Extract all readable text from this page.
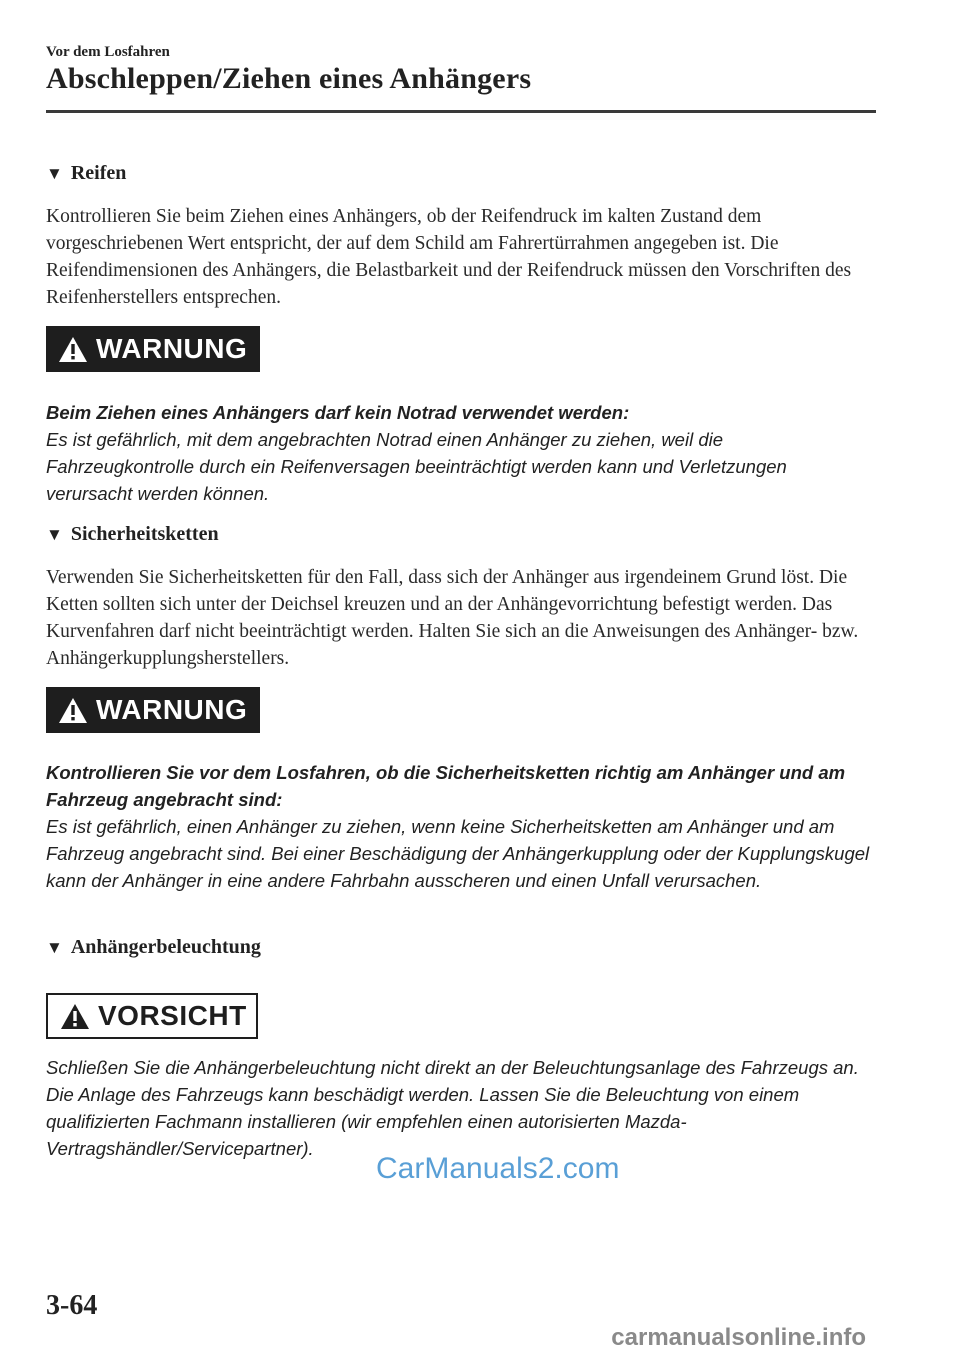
Vor dem Losfahren
Abschleppen/Ziehen eines Anhängers
▼ Reifen

Kontrollieren Sie beim Ziehen eines Anhängers, ob der Reifendruck im kalten Zustand dem vorgeschriebenen Wert entspricht, der auf dem Schild am Fahrertürrahmen angegeben ist. Die Reifendimensionen des Anhängers, die Belastbarkeit und der Reifendruck müssen den Vorschriften des Reifenherstellers entsprechen.

WARNUNG
Beim Ziehen eines Anhängers darf kein Notrad verwendet werden:
Es ist gefährlich, mit dem angebrachten Notrad einen Anhänger zu ziehen, weil die Fahrzeugkontrolle durch ein Reifenversagen beeinträchtigt werden kann und Verletzungen verursacht werden können.
▼ Sicherheitsketten

Verwenden Sie Sicherheitsketten für den Fall, dass sich der Anhänger aus irgendeinem Grund löst. Die Ketten sollten sich unter der Deichsel kreuzen und an der Anhängevorrichtung befestigt werden. Das Kurvenfahren darf nicht beeinträchtigt werden. Halten Sie sich an die Anweisungen des Anhänger- bzw. Anhängerkupplungsherstellers.

WARNUNG
Kontrollieren Sie vor dem Losfahren, ob die Sicherheitsketten richtig am Anhänger und am Fahrzeug angebracht sind:
Es ist gefährlich, einen Anhänger zu ziehen, wenn keine Sicherheitsketten am Anhänger und am Fahrzeug angebracht sind. Bei einer Beschädigung der Anhängerkupplung oder der Kupplungskugel kann der Anhänger in eine andere Fahrbahn ausscheren und einen Unfall verursachen.
▼ Anhängerbeleuchtung
VORSICHT
Schließen Sie die Anhängerbeleuchtung nicht direkt an der Beleuchtungsanlage des Fahrzeugs an. Die Anlage des Fahrzeugs kann beschädigt werden. Lassen Sie die Beleuchtung von einem qualifizierten Fachmann installieren (wir empfehlen einen autorisierten Mazda-Vertragshändler/Servicepartner).
CarManuals2.com
3-64
carmanualsonline.info
